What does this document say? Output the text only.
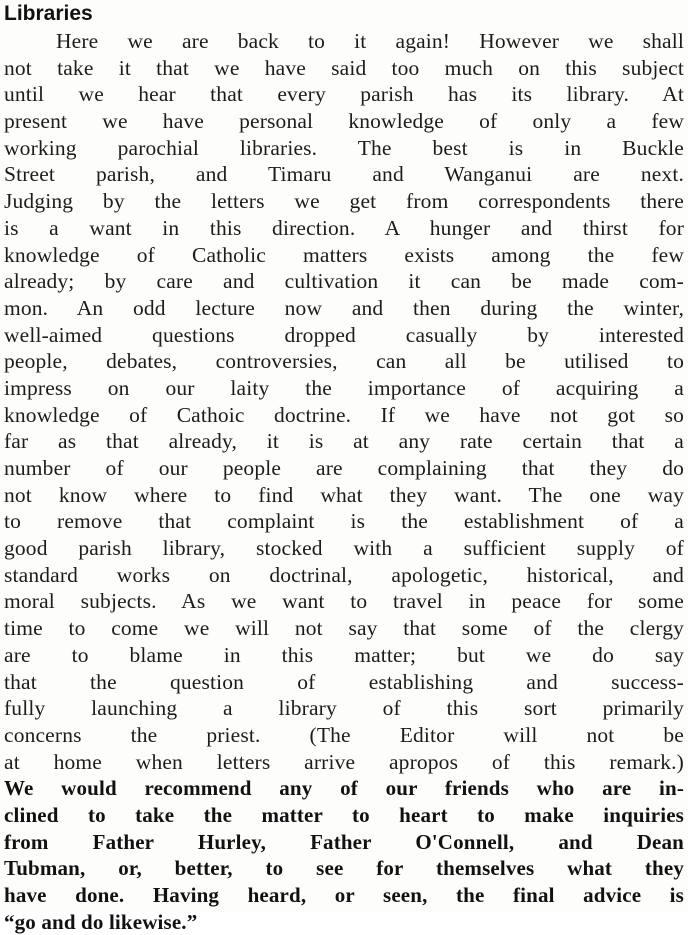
Libraries
Here we are back to it again! However we shall
not take it that we have said too much on this subject
until we hear that every parish has its library. At
present we have personal knowledge of only a few
working parochial libraries. The best is in Buckle
Street parish, and Timaru and Wanganui are next.
Judging by the letters we get from correspondents there
is a want in this direction. A hunger and thirst for
knowledge of Catholic matters exists among the few
already; by care and cultivation it can be made com-
mon. An odd lecture now and then during the winter,
well-aimed questions dropped casually by interested
people, debates, controversies, can all be utilised to
impress on our laity the importance of acquiring a
knowledge of Cathoic doctrine. If we have not got so
far as that already, it is at any rate certain that a
number of our people are complaining that they do
not know where to find what they want. The one way
to remove that complaint is the establishment of a
good parish library, stocked with a sufficient supply of
standard works on doctrinal, apologetic, historical, and
moral subjects. As we want to travel in peace for some
time to come we will not say that some of the clergy
are to blame in this matter; but we do say
that the question of establishing and success-
fully launching a library of this sort primarily
concerns the priest. (The Editor will not be
at home when letters arrive apropos of this remark.)
We would recommend any of our friends who are in-
clined to take the matter to heart to make inquiries
from Father Hurley, Father O'Connell, and Dean
Tubman, or, better, to see for themselves what they
have done. Having heard, or seen, the final advice is
“go and do likewise.”
